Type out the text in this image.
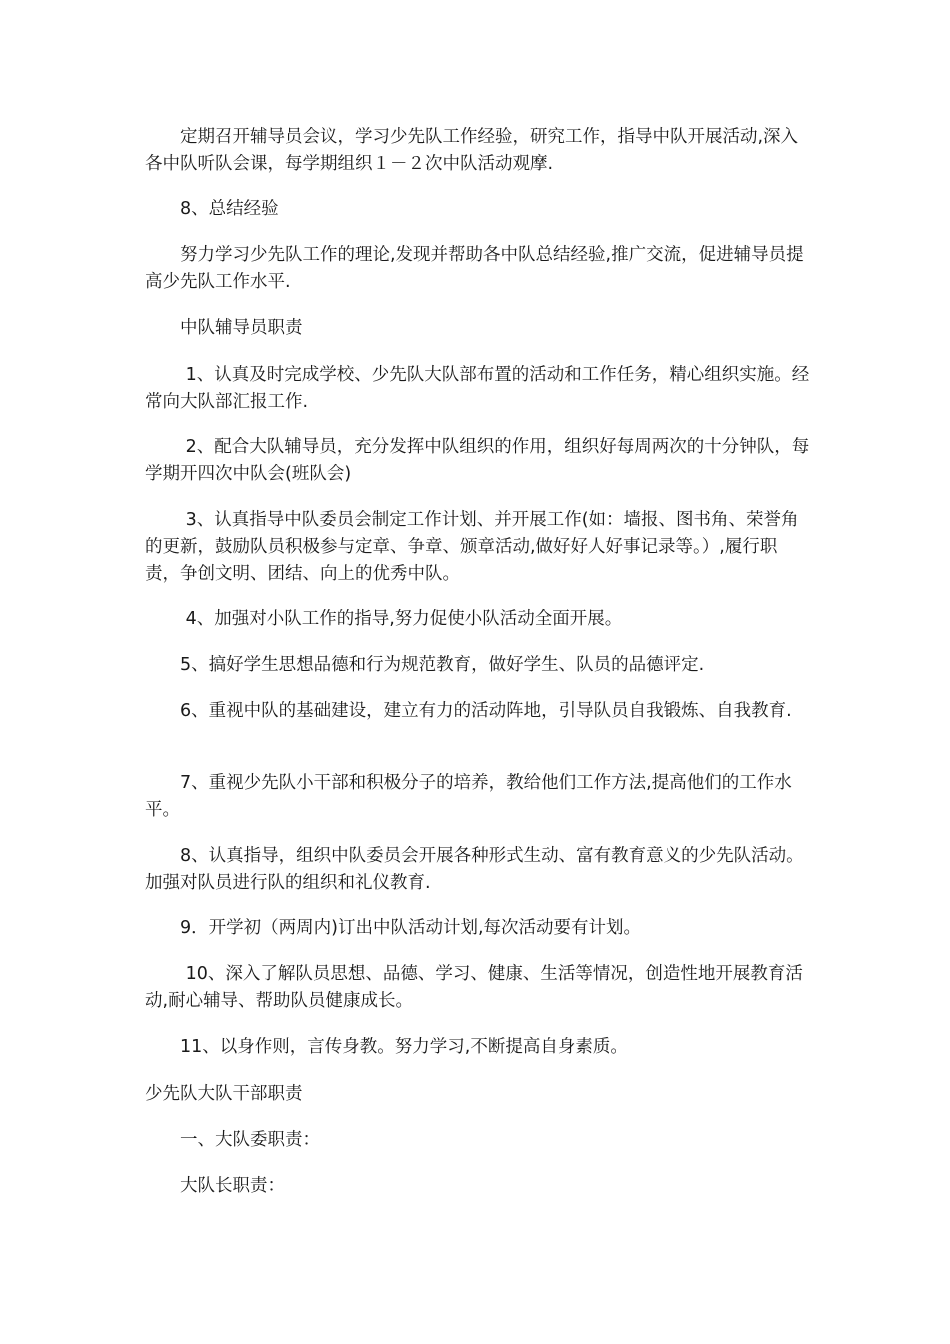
　　定期召开辅导员会议，学习少先队工作经验，研究工作，指导中队开展活动,深入各中队听队会课，每学期组织１－２次中队活动观摩.

　　8、总结经验

　　努力学习少先队工作的理论,发现并帮助各中队总结经验,推广交流，促进辅导员提高少先队工作水平.

　　中队辅导员职责

　　 1、认真及时完成学校、少先队大队部布置的活动和工作任务，精心组织实施。经常向大队部汇报工作.

　　 2、配合大队辅导员，充分发挥中队组织的作用，组织好每周两次的十分钟队，每学期开四次中队会(班队会)

　　 3、认真指导中队委员会制定工作计划、并开展工作(如：墙报、图书角、荣誉角的更新，鼓励队员积极参与定章、争章、颁章活动,做好好人好事记录等。）,履行职责，争创文明、团结、向上的优秀中队。

　　 4、加强对小队工作的指导,努力促使小队活动全面开展。

　　5、搞好学生思想品德和行为规范教育，做好学生、队员的品德评定.

　　6、重视中队的基础建设，建立有力的活动阵地，引导队员自我锻炼、自我教育.

　　7、重视少先队小干部和积极分子的培养，教给他们工作方法,提高他们的工作水平。

　　8、认真指导，组织中队委员会开展各种形式生动、富有教育意义的少先队活动。加强对队员进行队的组织和礼仪教育.

　　9．开学初（两周内)订出中队活动计划,每次活动要有计划。

　　 10、深入了解队员思想、品德、学习、健康、生活等情况，创造性地开展教育活动,耐心辅导、帮助队员健康成长。

　　11、以身作则，言传身教。努力学习,不断提高自身素质。

少先队大队干部职责

　　一、大队委职责：

　　大队长职责：
